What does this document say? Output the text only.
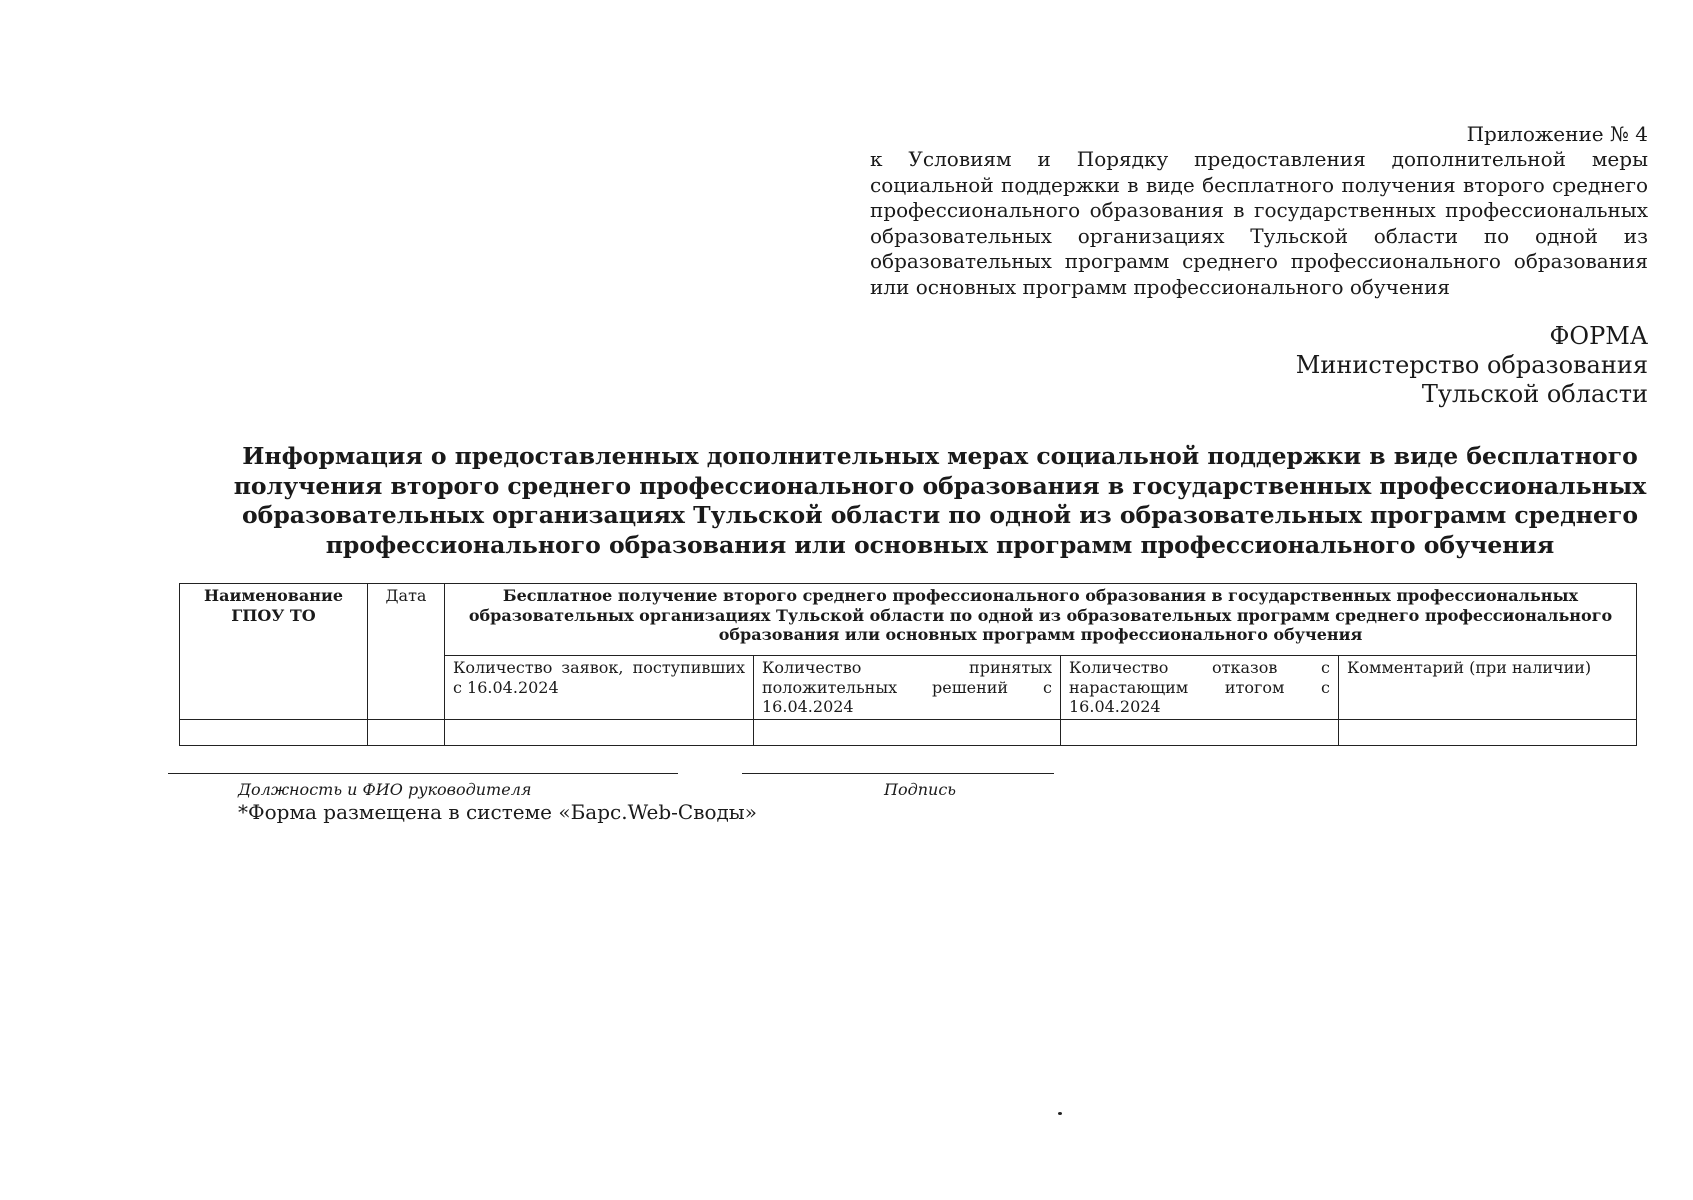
Приложение № 4
к Условиям и Порядку предоставления дополнительной меры социальной поддержки в виде бесплатного получения второго среднего профессионального образования в государственных профессиональных образовательных организациях Тульской области по одной из образовательных программ среднего профессионального образования или основных программ профессионального обучения
ФОРМА
Министерство образования
Тульской области
Информация о предоставленных дополнительных мерах социальной поддержки в виде бесплатного получения второго среднего профессионального образования в государственных профессиональных образовательных организациях Тульской области по одной из образовательных программ среднего профессионального образования или основных программ профессионального обучения
Наименование ГПОУ ТО	Дата	Бесплатное получение второго среднего профессионального образования в государственных профессиональных образовательных организациях Тульской области по одной из образовательных программ среднего профессионального образования или основных программ профессионального обучения			
		Количество заявок, поступивших с 16.04.2024	Количество принятых положительных решений с 16.04.2024	Количество отказов с нарастающим итогом с 16.04.2024	Комментарий (при наличии)

Должность и ФИО руководителя	Подпись
*Форма размещена в системе «Барс.Web-Своды»
